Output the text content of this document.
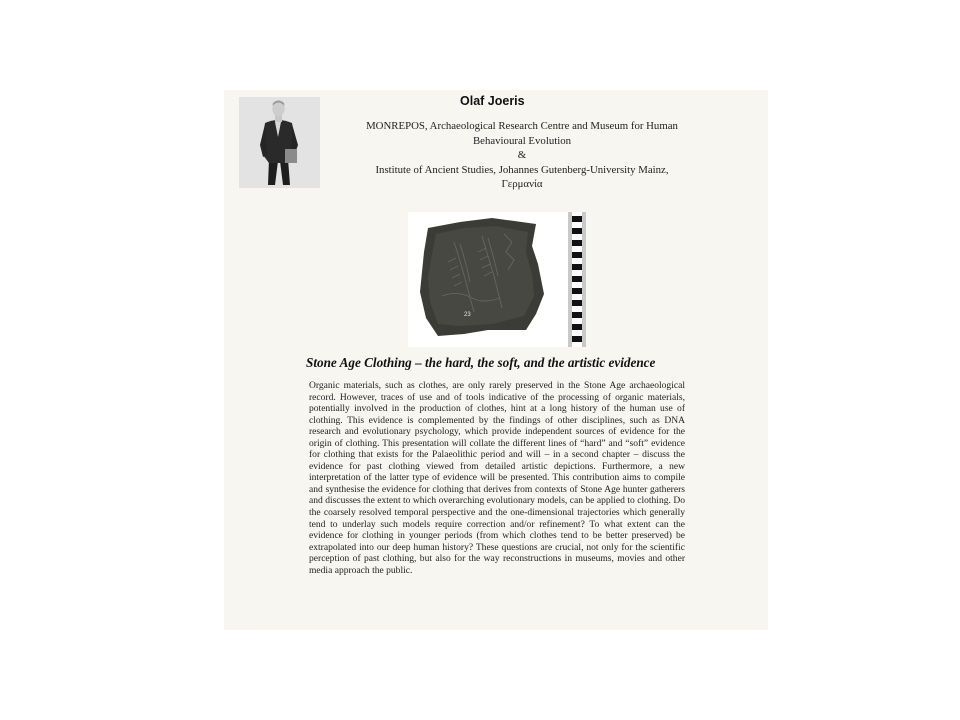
Olaf Joeris
MONREPOS, Archaeological Research Centre and Museum for Human
Behavioural Evolution
&
Institute of Ancient Studies, Johannes Gutenberg-University Mainz,
Γερμανία
23
Stone Age Clothing – the hard, the soft, and the artistic evidence
Organic materials, such as clothes, are only rarely preserved in the Stone Age archaeological record. However, traces of use and of tools indicative of the processing of organic materials, potentially involved in the production of clothes, hint at a long history of the human use of clothing. This evidence is complemented by the findings of other disciplines, such as DNA research and evolutionary psychology, which provide independent sources of evidence for the origin of clothing. This presentation will collate the different lines of “hard” and “soft” evidence for clothing that exists for the Palaeolithic period and will – in a second chapter – discuss the evidence for past clothing viewed from detailed artistic depictions. Furthermore, a new interpretation of the latter type of evidence will be presented. This contribution aims to compile and synthesise the evidence for clothing that derives from contexts of Stone Age hunter gatherers and discusses the extent to which overarching evolutionary models, can be applied to clothing. Do the coarsely resolved temporal perspective and the one-dimensional trajectories which generally tend to underlay such models require correction and/or refinement? To what extent can the evidence for clothing in younger periods (from which clothes tend to be better preserved) be extrapolated into our deep human history? These questions are crucial, not only for the scientific perception of past clothing, but also for the way reconstructions in museums, movies and other media approach the public.
